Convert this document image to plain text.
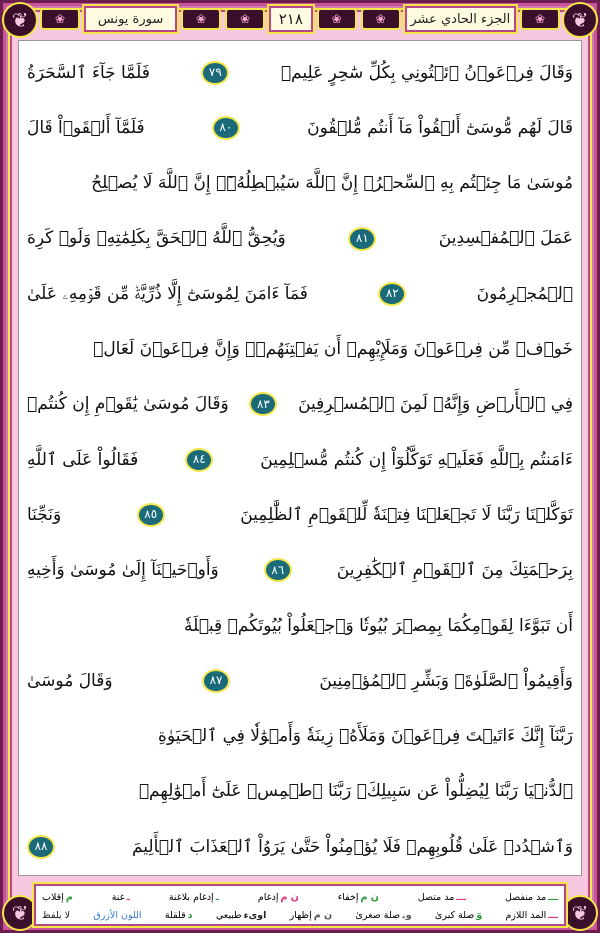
❦	❦
❦	❦
❀
الجزء الحادي عشر
❀
❀
٢١٨
❀
❀
سورة يونس
❀
وَقَالَ فِرۡعَوۡنُ ٱئۡتُونِي بِكُلِّ سَٰحِرٍ عَلِيمٖ
٧٩
فَلَمَّا جَآءَ ٱلسَّحَرَةُ
قَالَ لَهُم مُّوسَىٰٓ أَلۡقُواْ مَآ أَنتُم مُّلۡقُونَ
٨٠
فَلَمَّآ أَلۡقَوۡاْ قَالَ
مُوسَىٰ مَا جِئۡتُم بِهِ ٱلسِّحۡرُۖ إِنَّ ٱللَّهَ سَيُبۡطِلُهُۥٓۖ إِنَّ ٱللَّهَ لَا يُصۡلِحُ
عَمَلَ ٱلۡمُفۡسِدِينَ
٨١
وَيُحِقُّ ٱللَّهُ ٱلۡحَقَّ بِكَلِمَٰتِهِۦ وَلَوۡ كَرِهَ
ٱلۡمُجۡرِمُونَ
٨٢
فَمَآ ءَامَنَ لِمُوسَىٰٓ إِلَّا ذُرِّيَّةٞ مِّن قَوۡمِهِۦ عَلَىٰ
خَوۡفٖ مِّن فِرۡعَوۡنَ وَمَلَإِيْهِمۡ أَن يَفۡتِنَهُمۡۚ وَإِنَّ فِرۡعَوۡنَ لَعَالٖ
فِي ٱلۡأَرۡضِ وَإِنَّهُۥ لَمِنَ ٱلۡمُسۡرِفِينَ
٨٣
وَقَالَ مُوسَىٰ يَٰقَوۡمِ إِن كُنتُمۡ
ءَامَنتُم بِٱللَّهِ فَعَلَيۡهِ تَوَكَّلُوٓاْ إِن كُنتُم مُّسۡلِمِينَ
٨٤
فَقَالُواْ عَلَى ٱللَّهِ
تَوَكَّلۡنَا رَبَّنَا لَا تَجۡعَلۡنَا فِتۡنَةٗ لِّلۡقَوۡمِ ٱلظَّٰلِمِينَ
٨٥
وَنَجِّنَا
بِرَحۡمَتِكَ مِنَ ٱلۡقَوۡمِ ٱلۡكَٰفِرِينَ
٨٦
وَأَوۡحَيۡنَآ إِلَىٰ مُوسَىٰ وَأَخِيهِ
أَن تَبَوَّءَا لِقَوۡمِكُمَا بِمِصۡرَ بُيُوتٗا وَٱجۡعَلُواْ بُيُوتَكُمۡ قِبۡلَةٗ
وَأَقِيمُواْ ٱلصَّلَوٰةَۗ وَبَشِّرِ ٱلۡمُؤۡمِنِينَ
٨٧
وَقَالَ مُوسَىٰ
رَبَّنَآ إِنَّكَ ءَاتَيۡتَ فِرۡعَوۡنَ وَمَلَأَهُۥ زِينَةٗ وَأَمۡوَٰلٗا فِي ٱلۡحَيَوٰةِ
ٱلدُّنۡيَا رَبَّنَا لِيُضِلُّواْ عَن سَبِيلِكَۖ رَبَّنَا ٱطۡمِسۡ عَلَىٰٓ أَمۡوَٰلِهِمۡ
وَٱشۡدُدۡ عَلَىٰ قُلُوبِهِمۡ فَلَا يُؤۡمِنُواْ حَتَّىٰ يَرَوُاْ ٱلۡعَذَابَ ٱلۡأَلِيمَ
٨٨
ـــ
مد منفصل
ـــ
مد متصل
ن م
إخفاء
ن م
إدغام
ـ
إدغام بلاغنة
ـ
غنة
م
إقلاب
ـــ
المد اللازم
وٓ
صلة كبرىٰ
وۦ
صلة صغرىٰ
ن م
إظهار
اوىء
طبيعي
د
قلقلة
اللون الأزرق
لا يلفظ
